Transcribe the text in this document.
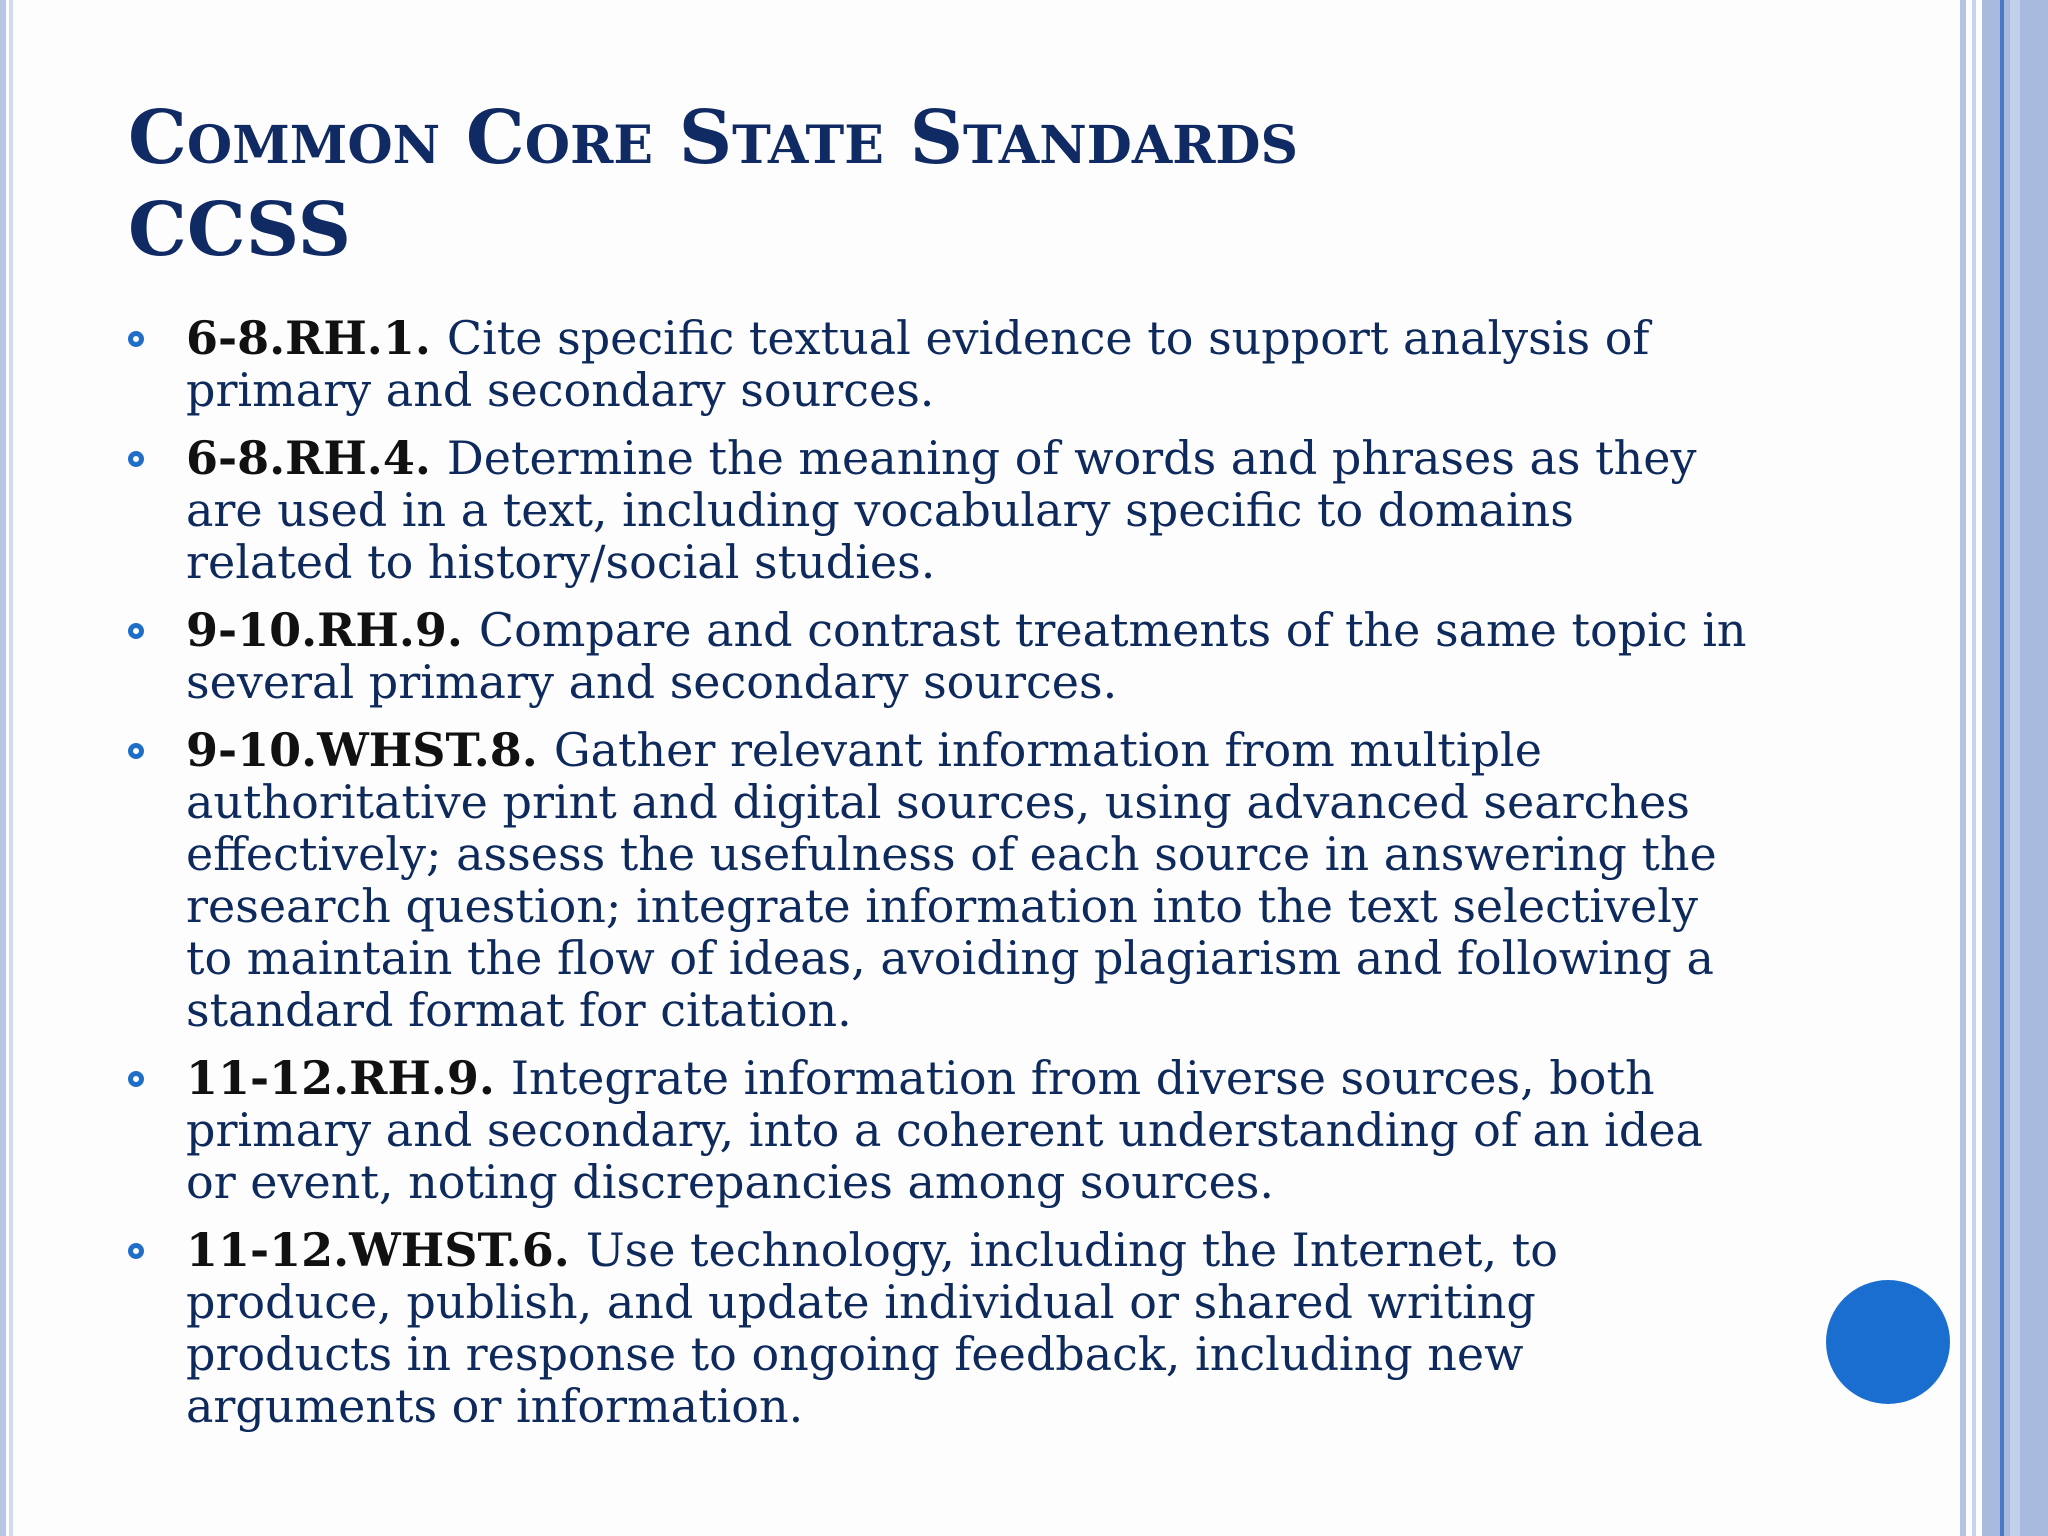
Common Core State Standards
CCSS
6-8.RH.1. Cite specific textual evidence to support analysis of primary and secondary sources.
6-8.RH.4. Determine the meaning of words and phrases as they are used in a text, including vocabulary specific to domains related to history/social studies.
9-10.RH.9. Compare and contrast treatments of the same topic in several primary and secondary sources.
9-10.WHST.8. Gather relevant information from multiple authoritative print and digital sources, using advanced searches effectively; assess the usefulness of each source in answering the research question; integrate information into the text selectively to maintain the flow of ideas, avoiding plagiarism and following a standard format for citation.
11-12.RH.9. Integrate information from diverse sources, both primary and secondary, into a coherent understanding of an idea or event, noting discrepancies among sources.
11-12.WHST.6. Use technology, including the Internet, to produce, publish, and update individual or shared writing products in response to ongoing feedback, including new arguments or information.
